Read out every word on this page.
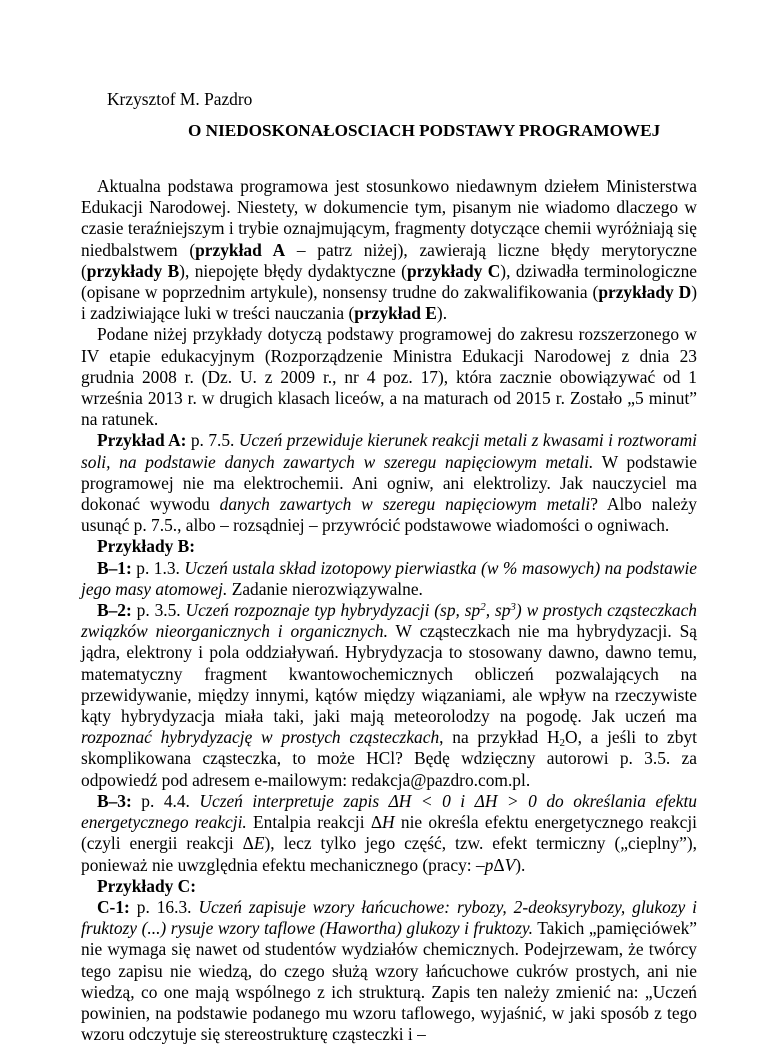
Krzysztof M. Pazdro
O NIEDOSKONAŁOSCIACH PODSTAWY PROGRAMOWEJ

Aktualna podstawa programowa jest stosunkowo niedawnym dziełem Ministerstwa Edukacji Narodowej. Niestety, w dokumencie tym, pisanym nie wiadomo dlaczego w czasie teraźniejszym i trybie oznajmującym, fragmenty dotyczące chemii wyróżniają się niedbalstwem (przykład A – patrz niżej), zawierają liczne błędy merytoryczne (przykłady B), niepojęte błędy dydaktyczne (przykłady C), dziwadła terminologiczne (opisane w poprzednim artykule), nonsensy trudne do zakwalifikowania (przykłady D) i zadziwiające luki w treści nauczania (przykład E).

Podane niżej przykłady dotyczą podstawy programowej do zakresu rozszerzonego w IV etapie edukacyjnym (Rozporządzenie Ministra Edukacji Narodowej z dnia 23 grudnia 2008 r. (Dz. U. z 2009 r., nr 4 poz. 17), która zacznie obowiązywać od 1 września 2013 r. w drugich klasach liceów, a na maturach od 2015 r. Zostało „5 minut” na ratunek.

Przykład A: p. 7.5. Uczeń przewiduje kierunek reakcji metali z kwasami i roztworami soli, na podstawie danych zawartych w szeregu napięciowym metali. W podstawie programowej nie ma elektrochemii. Ani ogniw, ani elektrolizy. Jak nauczyciel ma dokonać wywodu danych zawartych w szeregu napięciowym metali? Albo należy usunąć p. 7.5., albo – rozsądniej – przywrócić podstawowe wiadomości o ogniwach.

Przykłady B:

B–1: p. 1.3. Uczeń ustala skład izotopowy pierwiastka (w % masowych) na podstawie jego masy atomowej. Zadanie nierozwiązywalne.

B–2: p. 3.5. Uczeń rozpoznaje typ hybrydyzacji (sp, $sp^2$, $sp^3$) w prostych cząsteczkach związków nieorganicznych i organicznych. W cząsteczkach nie ma hybrydyzacji. Są jądra, elektrony i pola oddziaływań. Hybrydyzacja to stosowany dawno, dawno temu, matematyczny fragment kwantowochemicznych obliczeń pozwalających na przewidywanie, między innymi, kątów między wiązaniami, ale wpływ na rzeczywiste kąty hybrydyzacja miała taki, jaki mają meteorolodzy na pogodę. Jak uczeń ma rozpoznać hybrydyzację w prostych cząsteczkach, na przykład $H_2O$, a jeśli to zbyt skomplikowana cząsteczka, to może HCl? Będę wdzięczny autorowi p. 3.5. za odpowiedź pod adresem e-mailowym: redakcja@pazdro.com.pl.

B–3: p. 4.4. Uczeń interpretuje zapis ΔH < 0 i ΔH > 0 do określania efektu energetycznego reakcji. Entalpia reakcji ΔH nie określa efektu energetycznego reakcji (czyli energii reakcji ΔE), lecz tylko jego część, tzw. efekt termiczny („cieplny”), ponieważ nie uwzględnia efektu mechanicznego (pracy: –pΔV).

Przykłady C:

C-1: p. 16.3. Uczeń zapisuje wzory łańcuchowe: rybozy, 2-deoksyrybozy, glukozy i fruktozy (...) rysuje wzory taflowe (Hawortha) glukozy i fruktozy. Takich „pamięciówek” nie wymaga się nawet od studentów wydziałów chemicznych. Podejrzewam, że twórcy tego zapisu nie wiedzą, do czego służą wzory łańcuchowe cukrów prostych, ani nie wiedzą, co one mają wspólnego z ich strukturą. Zapis ten należy zmienić na: „Uczeń powinien, na podstawie podanego mu wzoru taflowego, wyjaśnić, w jaki sposób z tego wzoru odczytuje się stereostrukturę cząsteczki i –
